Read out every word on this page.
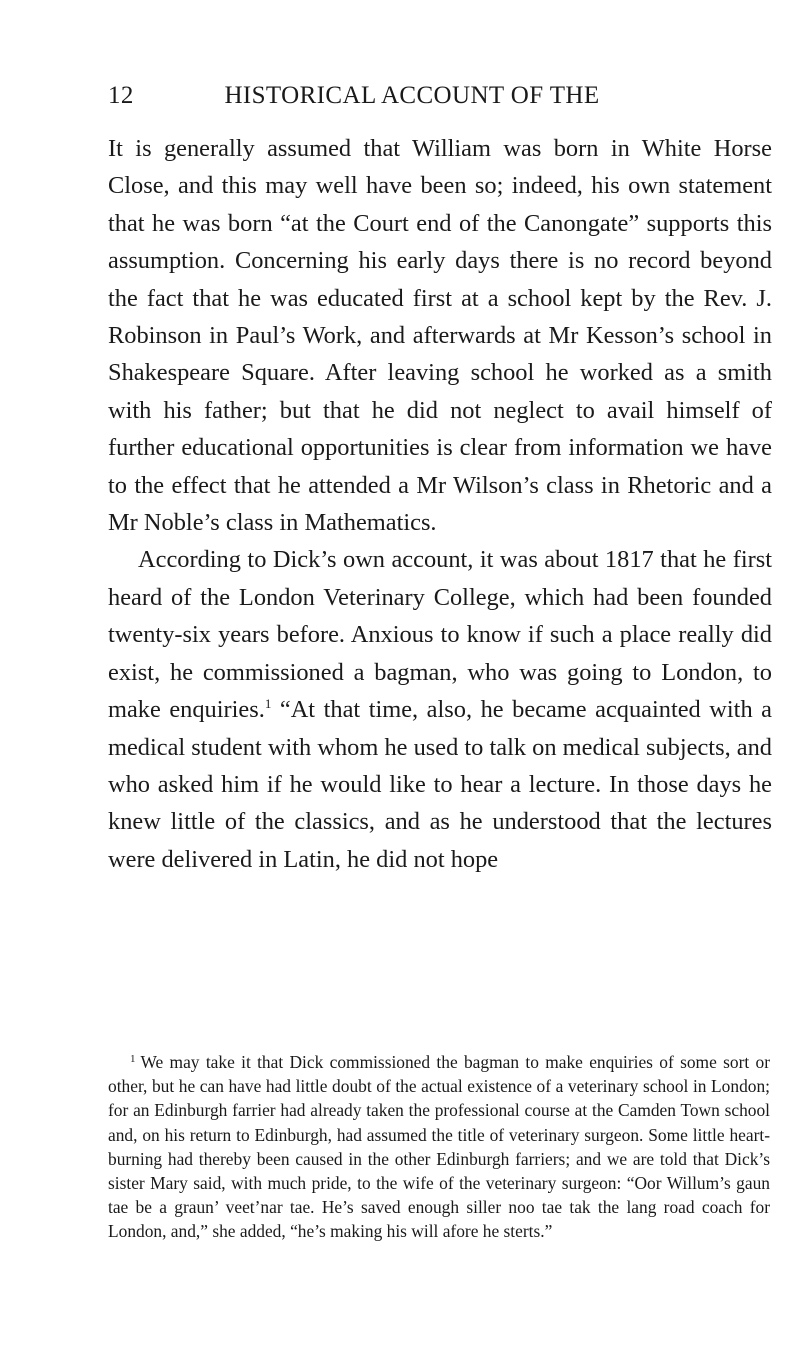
12	HISTORICAL ACCOUNT OF THE

It is generally assumed that William was born in White Horse Close, and this may well have been so; indeed, his own statement that he was born “at the Court end of the Canongate” supports this assumption. Concerning his early days there is no record beyond the fact that he was educated first at a school kept by the Rev. J. Robinson in Paul’s Work, and afterwards at Mr Kesson’s school in Shakespeare Square. After leaving school he worked as a smith with his father; but that he did not neglect to avail himself of further educational opportunities is clear from information we have to the effect that he attended a Mr Wilson’s class in Rhetoric and a Mr Noble’s class in Mathematics.

According to Dick’s own account, it was about 1817 that he first heard of the London Veterinary College, which had been founded twenty-six years before. Anxious to know if such a place really did exist, he commissioned a bagman, who was going to London, to make enquiries.$^1$ “At that time, also, he became acquainted with a medical student with whom he used to talk on medical subjects, and who asked him if he would like to hear a lecture. In those days he knew little of the classics, and as he understood that the lectures were delivered in Latin, he did not hope

$^1$ We may take it that Dick commissioned the bagman to make enquiries of some sort or other, but he can have had little doubt of the actual existence of a veterinary school in London; for an Edinburgh farrier had already taken the professional course at the Camden Town school and, on his return to Edinburgh, had assumed the title of veterinary surgeon. Some little heart-burning had thereby been caused in the other Edinburgh farriers; and we are told that Dick’s sister Mary said, with much pride, to the wife of the veterinary surgeon: “Oor Willum’s gaun tae be a graun’ veet’nar tae. He’s saved enough siller noo tae tak the lang road coach for London, and,” she added, “he’s making his will afore he sterts.”
